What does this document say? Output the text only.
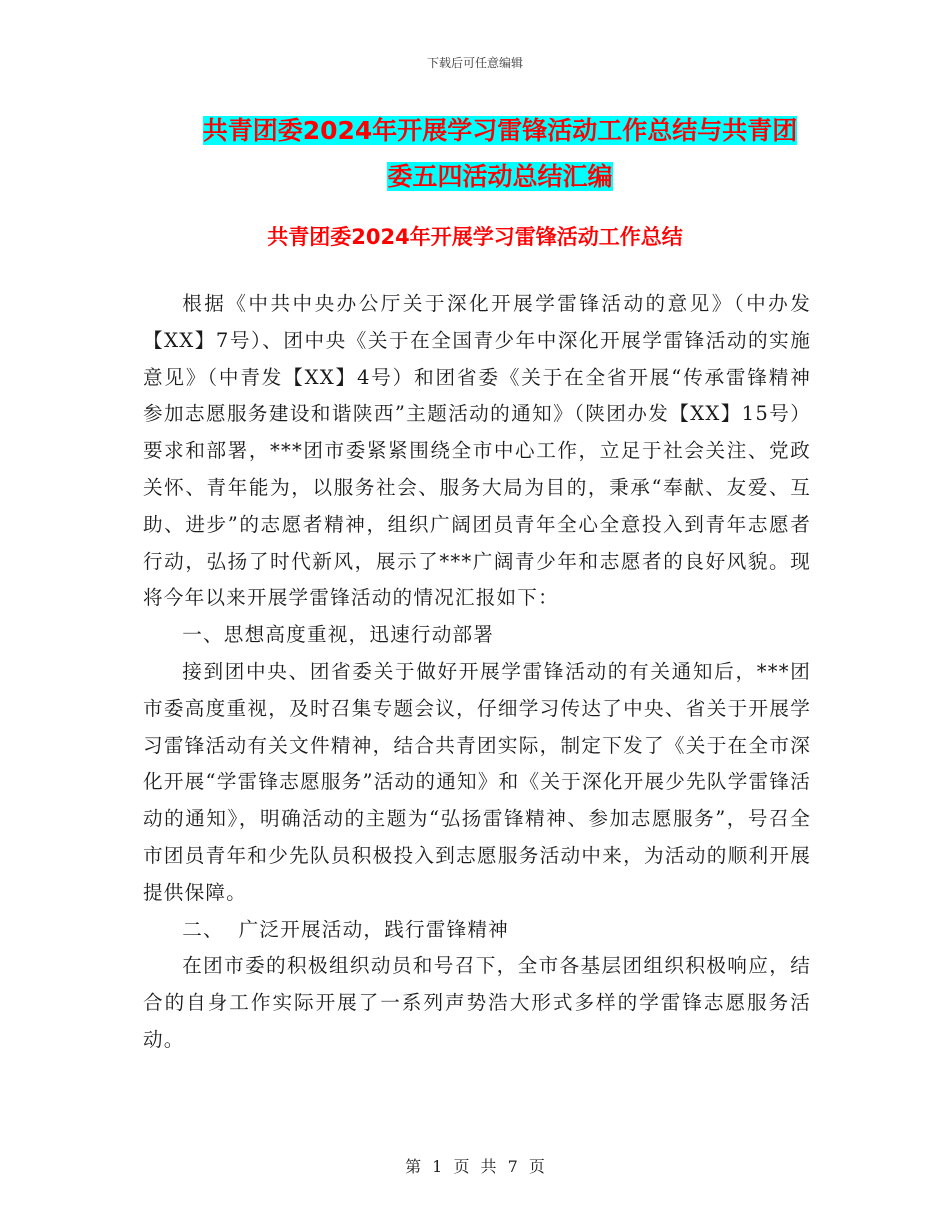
下载后可任意编辑
共青团委2024年开展学习雷锋活动工作总结与共青团
委五四活动总结汇编
共青团委2024年开展学习雷锋活动工作总结

根据《中共中央办公厅关于深化开展学雷锋活动的意见》（中办发【XX】7号）、团中央《关于在全国青少年中深化开展学雷锋活动的实施意见》（中青发【XX】4号）和团省委《关于在全省开展“传承雷锋精神参加志愿服务建设和谐陕西”主题活动的通知》（陕团办发【XX】15号）要求和部署，***团市委紧紧围绕全市中心工作，立足于社会关注、党政关怀、青年能为，以服务社会、服务大局为目的，秉承“奉献、友爱、互助、进步”的志愿者精神，组织广阔团员青年全心全意投入到青年志愿者行动，弘扬了时代新风，展示了***广阔青少年和志愿者的良好风貌。现将今年以来开展学雷锋活动的情况汇报如下：

一、思想高度重视，迅速行动部署

接到团中央、团省委关于做好开展学雷锋活动的有关通知后，***团市委高度重视，及时召集专题会议，仔细学习传达了中央、省关于开展学习雷锋活动有关文件精神，结合共青团实际，制定下发了《关于在全市深化开展“学雷锋志愿服务”活动的通知》和《关于深化开展少先队学雷锋活动的通知》，明确活动的主题为“弘扬雷锋精神、参加志愿服务”，号召全市团员青年和少先队员积极投入到志愿服务活动中来，为活动的顺利开展提供保障。

二、  广泛开展活动，践行雷锋精神

在团市委的积极组织动员和号召下，全市各基层团组织积极响应，结合的自身工作实际开展了一系列声势浩大形式多样的学雷锋志愿服务活动。

第 1 页 共 7 页
